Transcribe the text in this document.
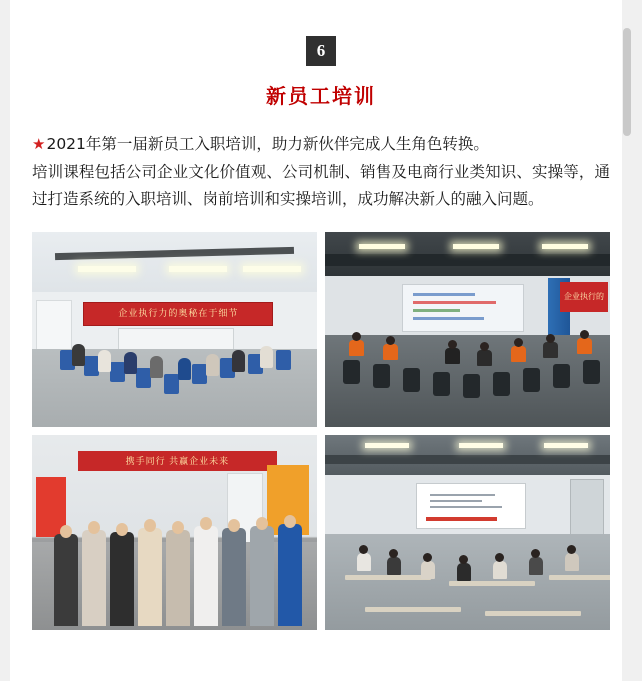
6
新员工培训
★2021年第一届新员工入职培训，助力新伙伴完成人生角色转换。
培训课程包括公司企业文化价值观、公司机制、销售及电商行业类知识、实操等，通过打造系统的入职培训、岗前培训和实操培训，成功解决新人的融入问题。
企业执行力的奥秘在于细节
企业执行的
携手同行 共赢企业未来
